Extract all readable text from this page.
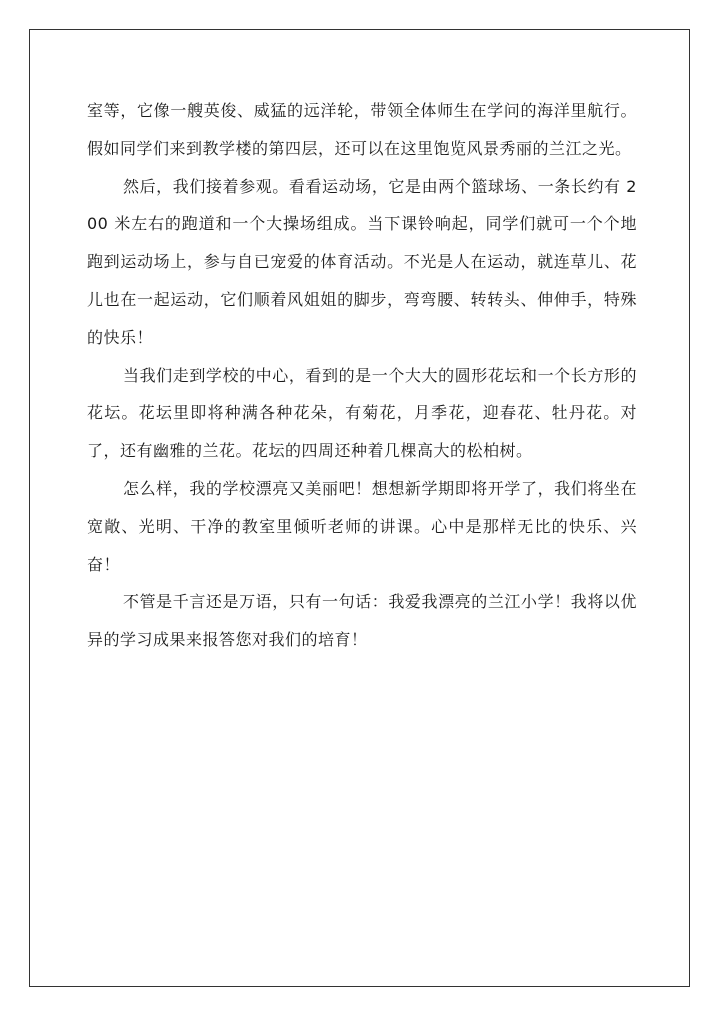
室等，它像一艘英俊、威猛的远洋轮，带领全体师生在学问的海洋里航行。假如同学们来到教学楼的第四层，还可以在这里饱览风景秀丽的兰江之光。

然后，我们接着参观。看看运动场，它是由两个篮球场、一条长约有 200 米左右的跑道和一个大操场组成。当下课铃响起，同学们就可一个个地跑到运动场上，参与自已宠爱的体育活动。不光是人在运动，就连草儿、花儿也在一起运动，它们顺着风姐姐的脚步，弯弯腰、转转头、伸伸手，特殊的快乐！

当我们走到学校的中心，看到的是一个大大的圆形花坛和一个长方形的花坛。花坛里即将种满各种花朵，有菊花，月季花，迎春花、牡丹花。对了，还有幽雅的兰花。花坛的四周还种着几棵高大的松柏树。

怎么样，我的学校漂亮又美丽吧！想想新学期即将开学了，我们将坐在宽敞、光明、干净的教室里倾听老师的讲课。心中是那样无比的快乐、兴奋！

不管是千言还是万语，只有一句话：我爱我漂亮的兰江小学！我将以优异的学习成果来报答您对我们的培育！
